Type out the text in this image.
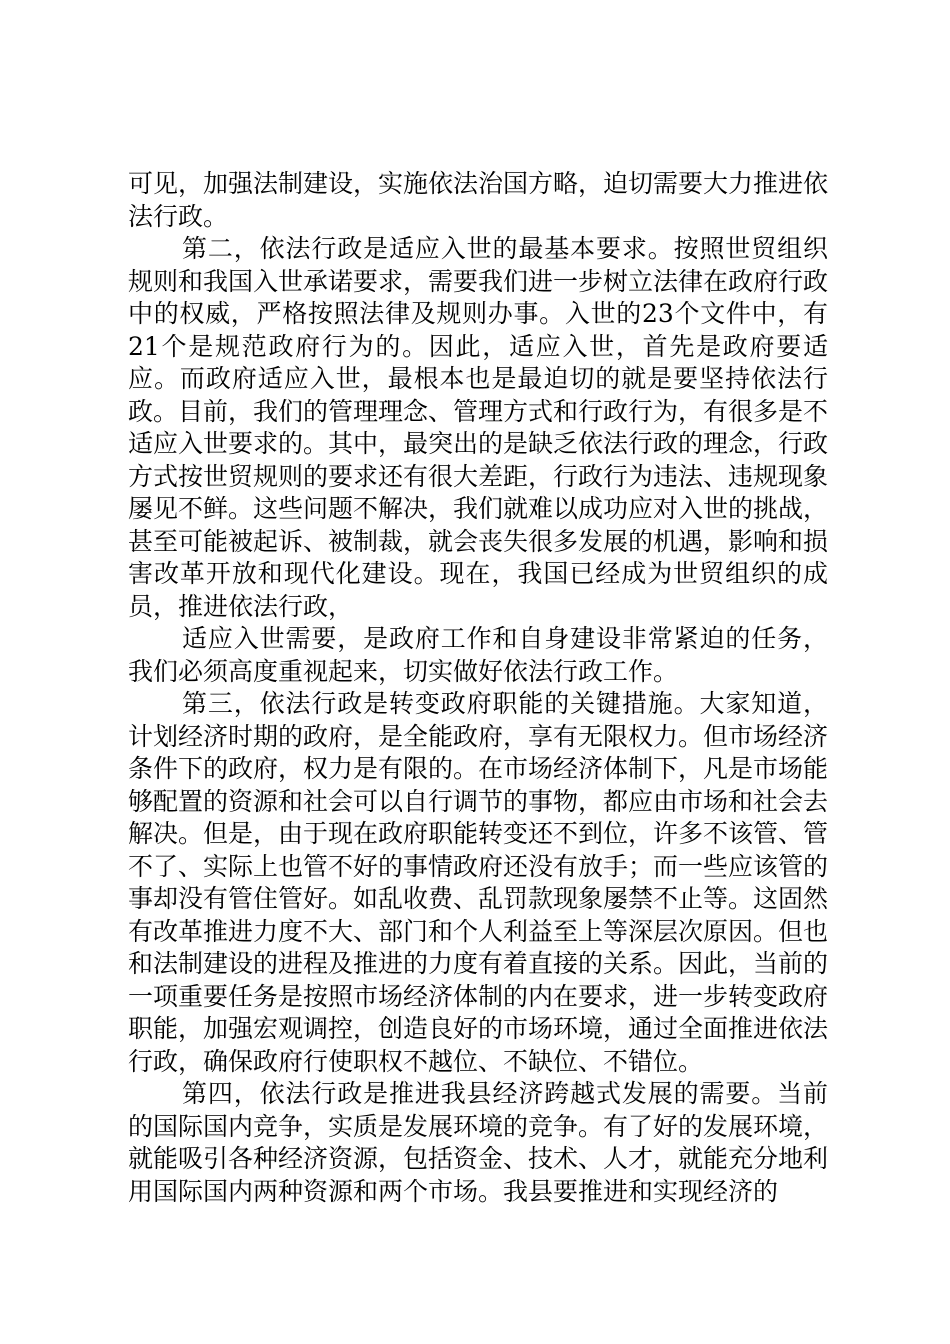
可见，加强法制建设，实施依法治国方略，迫切需要大力推进依法行政。

第二，依法行政是适应入世的最基本要求。按照世贸组织规则和我国入世承诺要求，需要我们进一步树立法律在政府行政中的权威，严格按照法律及规则办事。入世的23个文件中，有21个是规范政府行为的。因此，适应入世，首先是政府要适应。而政府适应入世，最根本也是最迫切的就是要坚持依法行政。目前，我们的管理理念、管理方式和行政行为，有很多是不适应入世要求的。其中，最突出的是缺乏依法行政的理念，行政方式按世贸规则的要求还有很大差距，行政行为违法、违规现象屡见不鲜。这些问题不解决，我们就难以成功应对入世的挑战，甚至可能被起诉、被制裁，就会丧失很多发展的机遇，影响和损害改革开放和现代化建设。现在，我国已经成为世贸组织的成员，推进依法行政，

适应入世需要，是政府工作和自身建设非常紧迫的任务，我们必须高度重视起来，切实做好依法行政工作。

第三，依法行政是转变政府职能的关键措施。大家知道，计划经济时期的政府，是全能政府，享有无限权力。但市场经济条件下的政府，权力是有限的。在市场经济体制下，凡是市场能够配置的资源和社会可以自行调节的事物，都应由市场和社会去解决。但是，由于现在政府职能转变还不到位，许多不该管、管不了、实际上也管不好的事情政府还没有放手；而一些应该管的事却没有管住管好。如乱收费、乱罚款现象屡禁不止等。这固然有改革推进力度不大、部门和个人利益至上等深层次原因。但也和法制建设的进程及推进的力度有着直接的关系。因此，当前的一项重要任务是按照市场经济体制的内在要求，进一步转变政府职能，加强宏观调控，创造良好的市场环境，通过全面推进依法行政，确保政府行使职权不越位、不缺位、不错位。

第四，依法行政是推进我县经济跨越式发展的需要。当前的国际国内竞争，实质是发展环境的竞争。有了好的发展环境，就能吸引各种经济资源，包括资金、技术、人才，就能充分地利用国际国内两种资源和两个市场。我县要推进和实现经济的
